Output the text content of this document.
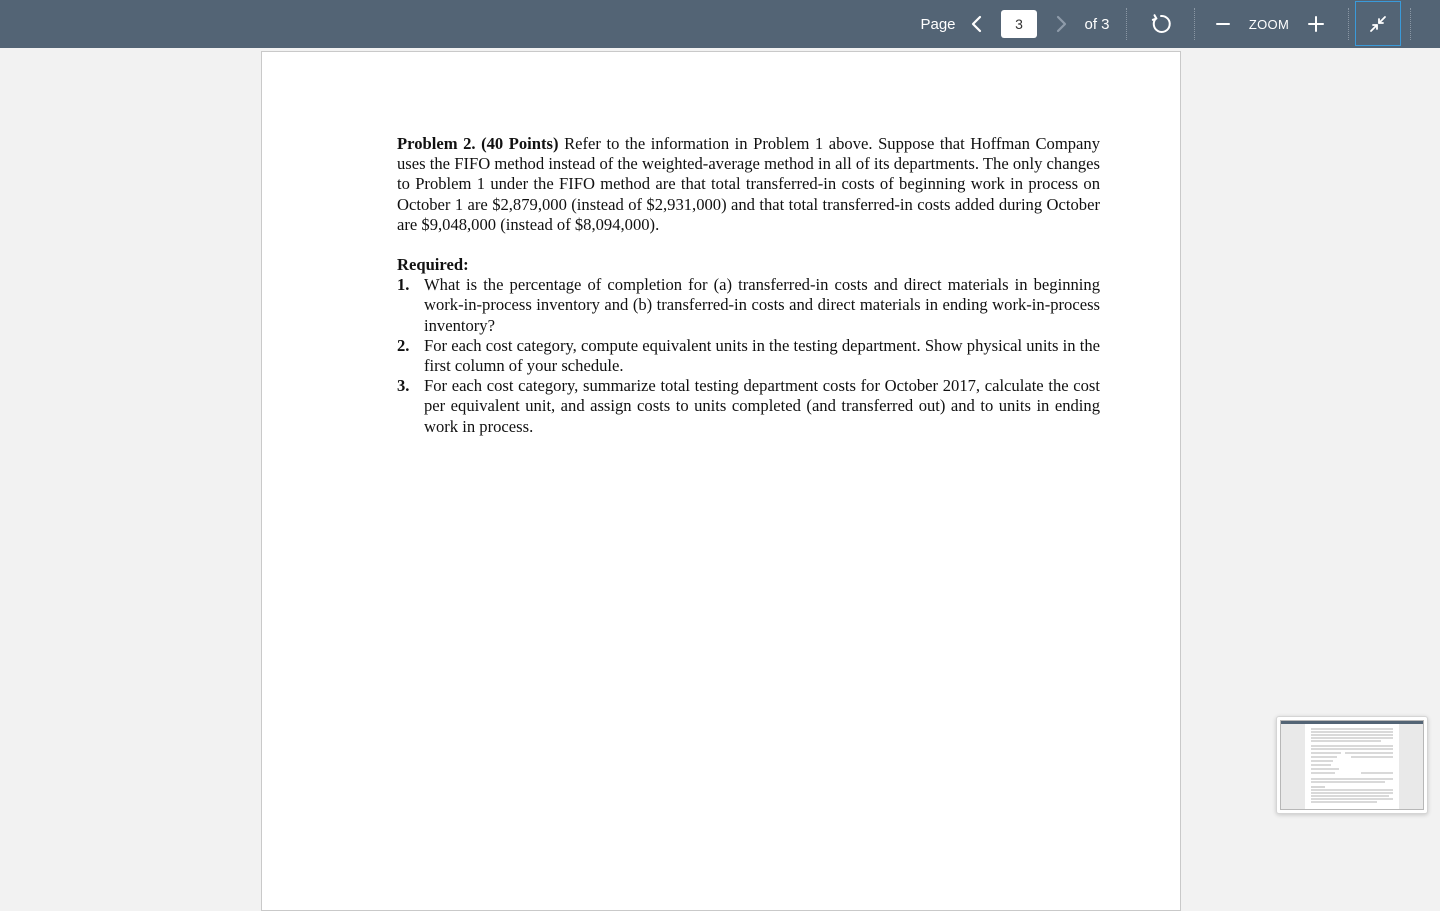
Page
3	of 3	ZOOM

Problem 2. (40 Points) Refer to the information in Problem 1 above. Suppose that Hoffman Company uses the FIFO method instead of the weighted-average method in all of its departments. The only changes to Problem 1 under the FIFO method are that total transferred-in costs of beginning work in process on October 1 are $2,879,000 (instead of $2,931,000) and that total transferred-in costs added during October are $9,048,000 (instead of $8,094,000).

Required:

1. What is the percentage of completion for (a) transferred-in costs and direct materials in beginning work-in-process inventory and (b) transferred-in costs and direct materials in ending work-in-process inventory?
2. For each cost category, compute equivalent units in the testing department. Show physical units in the first column of your schedule.
3. For each cost category, summarize total testing department costs for October 2017, calculate the cost per equivalent unit, and assign costs to units completed (and transferred out) and to units in ending work in process.
